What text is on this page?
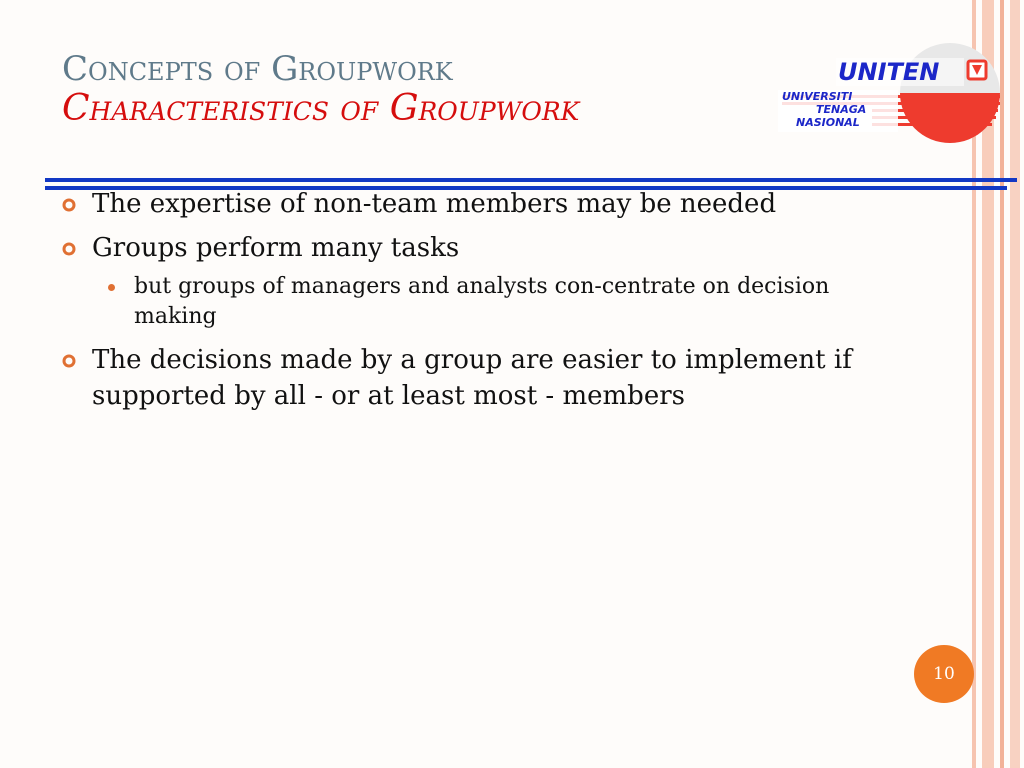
Concepts of Groupwork
Characteristics of Groupwork
UNITEN
UNIVERSITI
TENAGA
NASIONAL
The expertise of non-team members may be needed
Groups perform many tasks
but groups of managers and analysts con-centrate on decision making
The decisions made by a group are easier to implement if supported by all - or at least most - members
10
